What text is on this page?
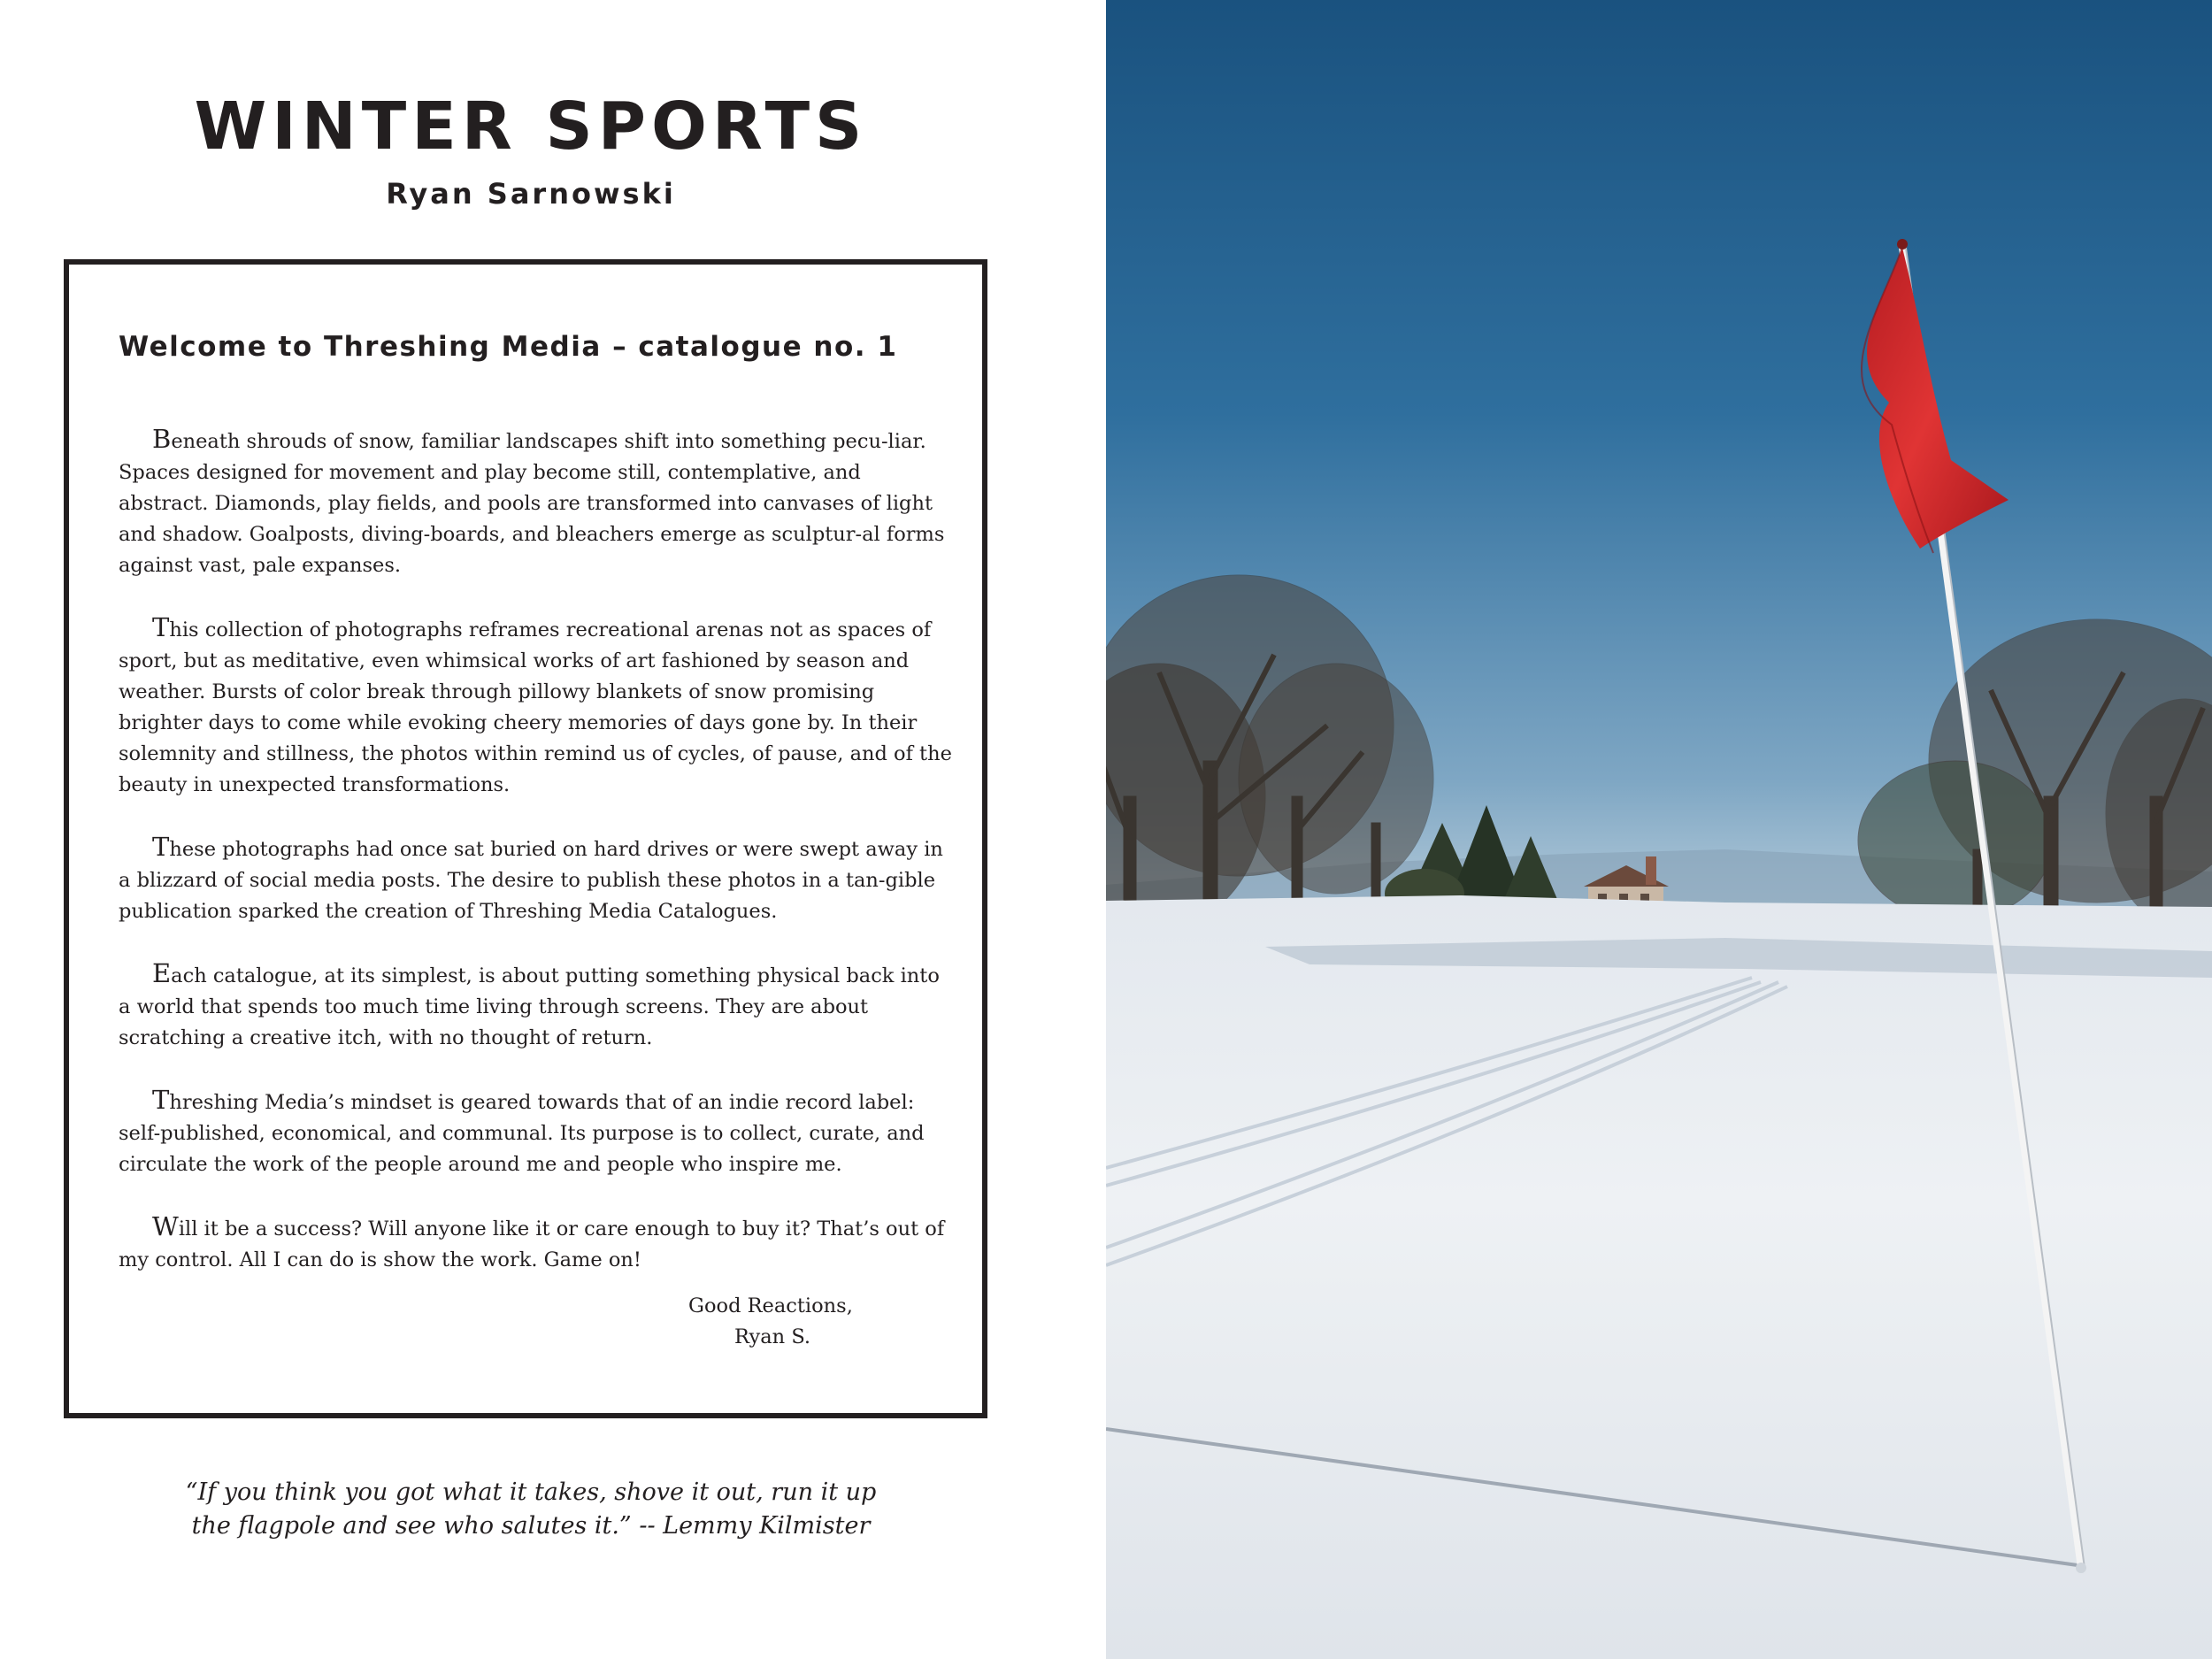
WINTER SPORTS
Ryan Sarnowski
Welcome to Threshing Media – catalogue no. 1

Beneath shrouds of snow, familiar landscapes shift into something pecu-liar. Spaces designed for movement and play become still, contemplative, and abstract. Diamonds, play fields, and pools are transformed into canvases of light and shadow. Goalposts, diving-boards, and bleachers emerge as sculptur-al forms against vast, pale expanses.

This collection of photographs reframes recreational arenas not as spaces of sport, but as meditative, even whimsical works of art fashioned by season and weather. Bursts of color break through pillowy blankets of snow promising brighter days to come while evoking cheery memories of days gone by. In their solemnity and stillness, the photos within remind us of cycles, of pause, and of the beauty in unexpected transformations.

These photographs had once sat buried on hard drives or were swept away in a blizzard of social media posts. The desire to publish these photos in a tan-gible publication sparked the creation of Threshing Media Catalogues.

Each catalogue, at its simplest, is about putting something physical back into a world that spends too much time living through screens. They are about scratching a creative itch, with no thought of return.

Threshing Media’s mindset is geared towards that of an indie record label: self-published, economical, and communal. Its purpose is to collect, curate, and circulate the work of the people around me and people who inspire me.

Will it be a success? Will anyone like it or care enough to buy it? That’s out of my control. All I can do is show the work. Game on!

Good Reactions,
Ryan S.
“If you think you got what it takes, shove it out, run it up
the flagpole and see who salutes it.” -- Lemmy Kilmister
